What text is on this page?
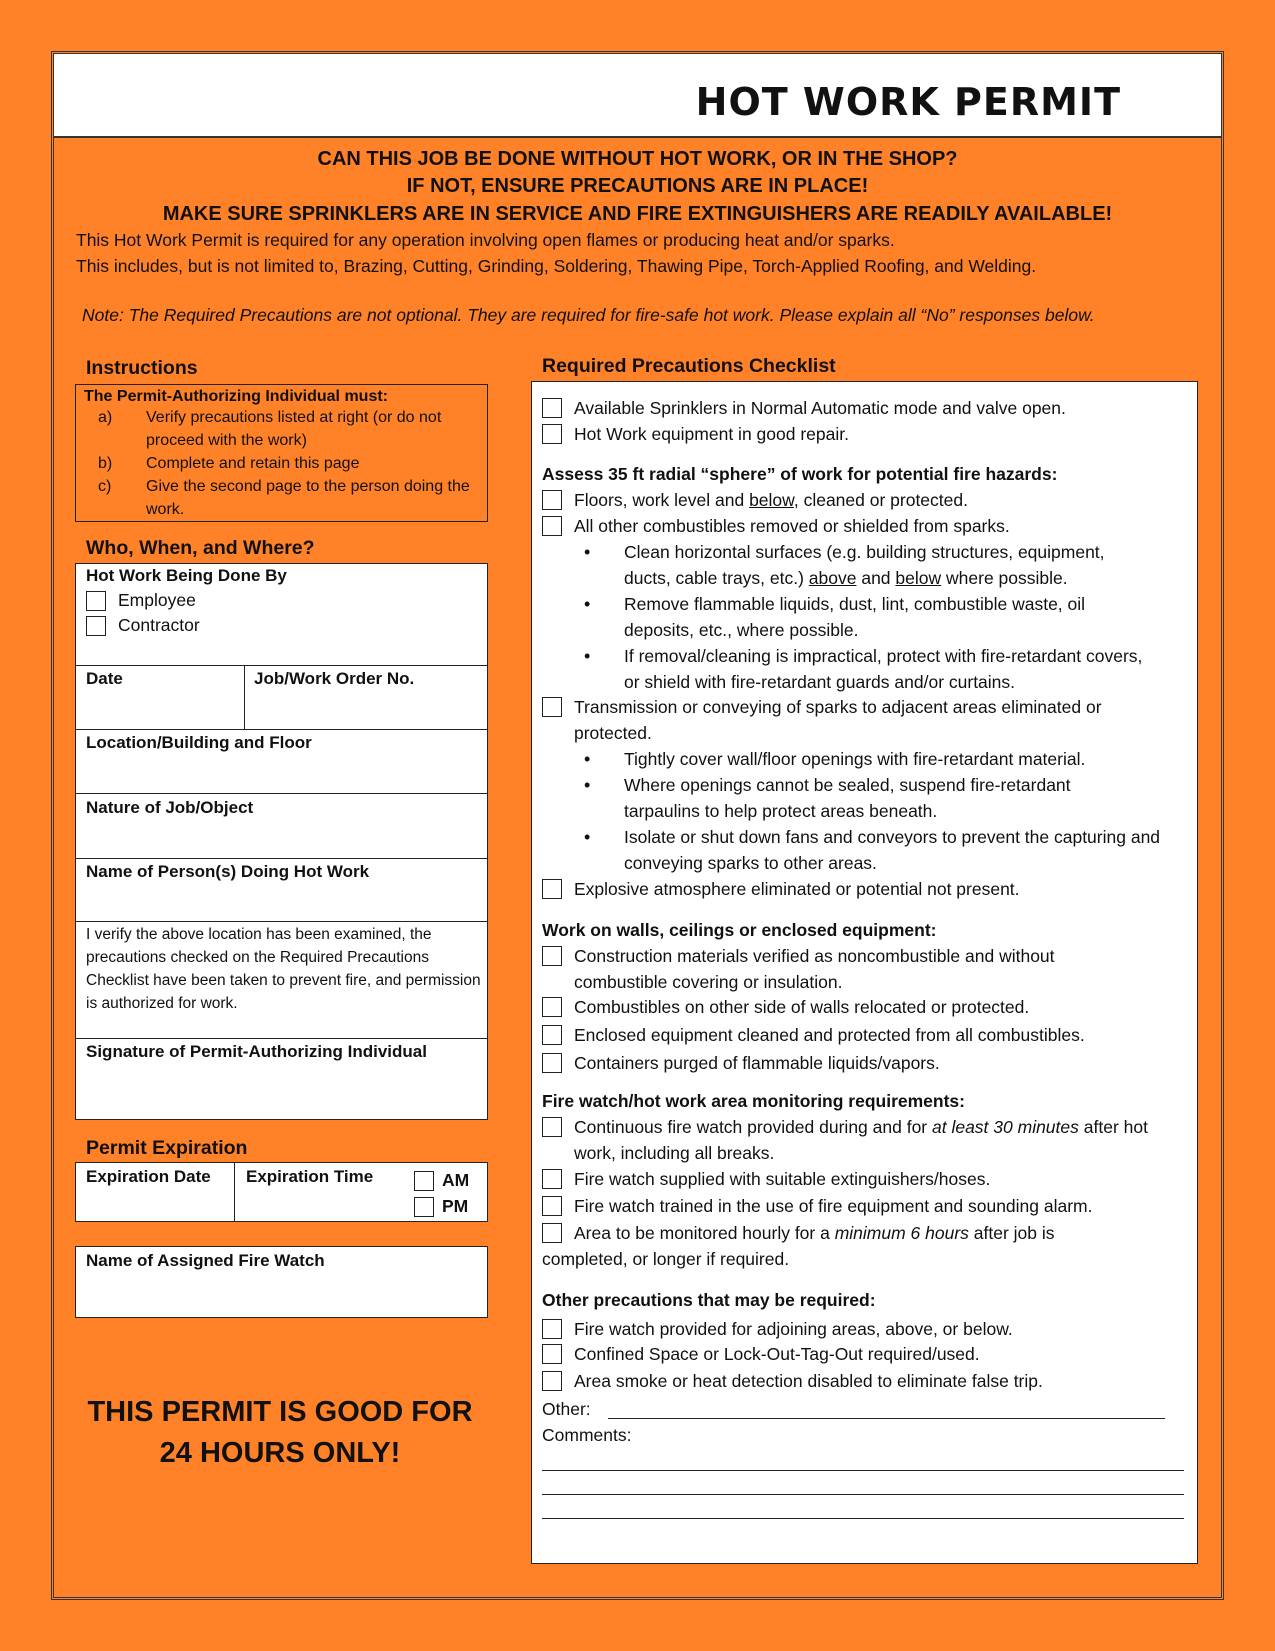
HOT WORK PERMIT
CAN THIS JOB BE DONE WITHOUT HOT WORK, OR IN THE SHOP?
IF NOT, ENSURE PRECAUTIONS ARE IN PLACE!
MAKE SURE SPRINKLERS ARE IN SERVICE AND FIRE EXTINGUISHERS ARE READILY AVAILABLE!
This Hot Work Permit is required for any operation involving open flames or producing heat and/or sparks.
This includes, but is not limited to, Brazing, Cutting, Grinding, Soldering, Thawing Pipe, Torch-Applied Roofing, and Welding.
Note: The Required Precautions are not optional. They are required for fire-safe hot work. Please explain all “No” responses below.
Instructions
The Permit-Authorizing Individual must:
a)	Verify precautions listed at right (or do not proceed with the work)
b)	Complete and retain this page
c)	Give the second page to the person doing the work.
Who, When, and Where?
Hot Work Being Done By
Employee
Contractor
Date	Job/Work Order No.
Location/Building and Floor
Nature of Job/Object
Name of Person(s) Doing Hot Work
I verify the above location has been examined, the precautions checked on the Required Precautions Checklist have been taken to prevent fire, and permission is authorized for work.
Signature of Permit-Authorizing Individual
Permit Expiration
Expiration Date Expiration Time	AM
PM
Name of Assigned Fire Watch
THIS PERMIT IS GOOD FOR
24 HOURS ONLY!
Required Precautions Checklist
Available Sprinklers in Normal Automatic mode and valve open.
Hot Work equipment in good repair.
Assess 35 ft radial “sphere” of work for potential fire hazards:
Floors, work level and below, cleaned or protected.
All other combustibles removed or shielded from sparks.
•	Clean horizontal surfaces (e.g. building structures, equipment, ducts, cable trays, etc.) above and below where possible.
•	Remove flammable liquids, dust, lint, combustible waste, oil deposits, etc., where possible.
•	If removal/cleaning is impractical, protect with fire-retardant covers, or shield with fire-retardant guards and/or curtains.
Transmission or conveying of sparks to adjacent areas eliminated or protected.
•	Tightly cover wall/floor openings with fire-retardant material.
•	Where openings cannot be sealed, suspend fire-retardant tarpaulins to help protect areas beneath.
•	Isolate or shut down fans and conveyors to prevent the capturing and conveying sparks to other areas.
Explosive atmosphere eliminated or potential not present.
Work on walls, ceilings or enclosed equipment:
Construction materials verified as noncombustible and without combustible covering or insulation.
Combustibles on other side of walls relocated or protected.
Enclosed equipment cleaned and protected from all combustibles.
Containers purged of flammable liquids/vapors.
Fire watch/hot work area monitoring requirements:
Continuous fire watch provided during and for at least 30 minutes after hot work, including all breaks.
Fire watch supplied with suitable extinguishers/hoses.
Fire watch trained in the use of fire equipment and sounding alarm.
Area to be monitored hourly for a minimum 6 hours after job is
completed, or longer if required.
Other precautions that may be required:
Fire watch provided for adjoining areas, above, or below.
Confined Space or Lock-Out-Tag-Out required/used.
Area smoke or heat detection disabled to eliminate false trip.
Other:
Comments:
